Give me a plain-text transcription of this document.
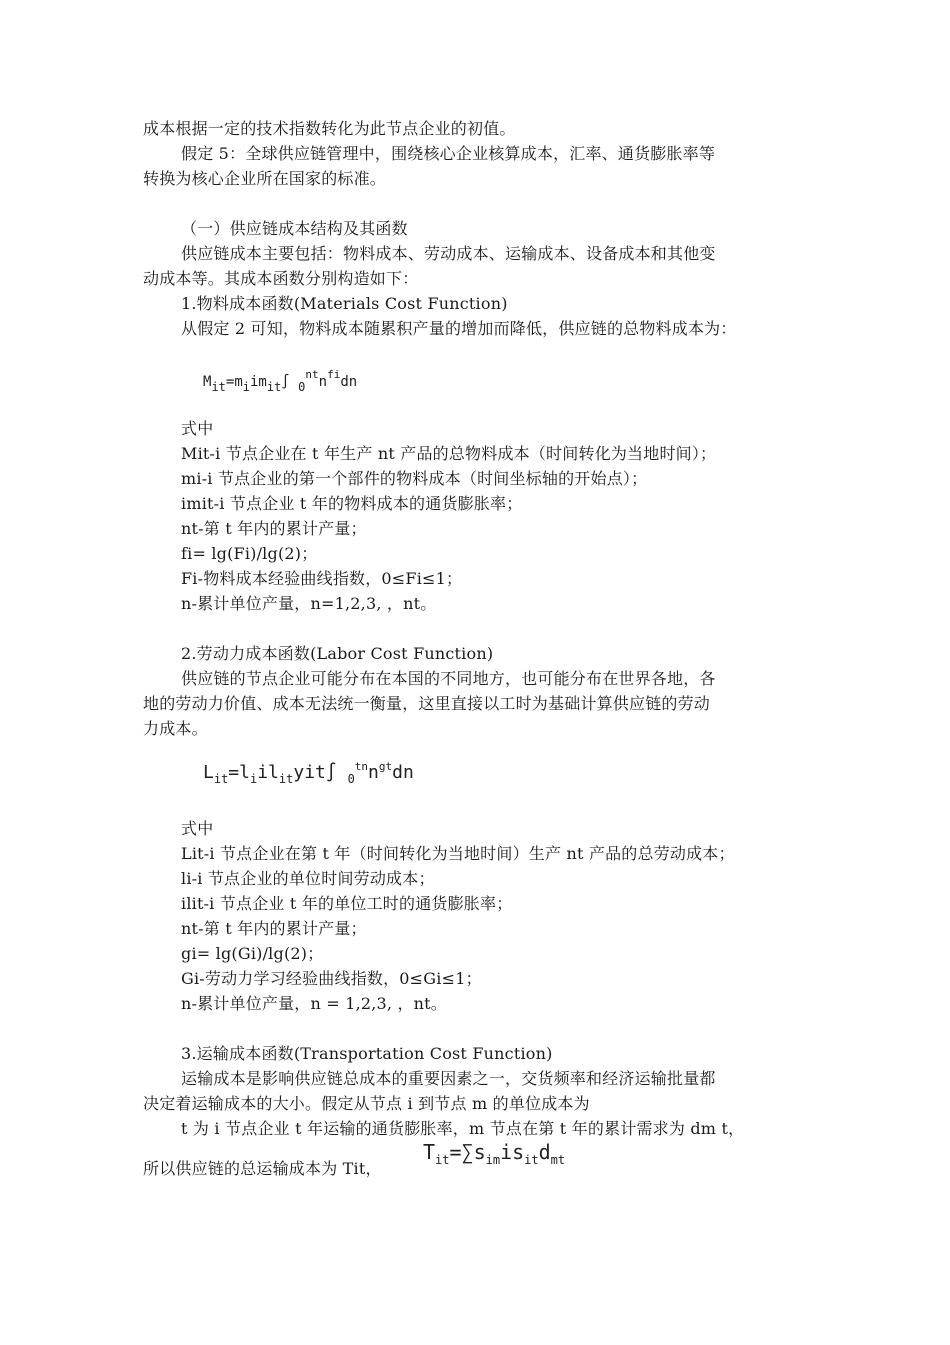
成本根据一定的技术指数转化为此节点企业的初值。
假定 5：全球供应链管理中，围绕核心企业核算成本，汇率、通货膨胀率等
转换为核心企业所在国家的标准。
（一）供应链成本结构及其函数
供应链成本主要包括：物料成本、劳动成本、运输成本、设备成本和其他变
动成本等。其成本函数分别构造如下：
1.物料成本函数(Materials Cost Function)
从假定 2 可知，物料成本随累积产量的增加而降低，供应链的总物料成本为：
$M_{it}=m_iim_{it}\int$ $_0^{nt}n^{fi}dn$
式中
Mit-i 节点企业在 t 年生产 nt 产品的总物料成本（时间转化为当地时间）；
mi-i 节点企业的第一个部件的物料成本（时间坐标轴的开始点）；
imit-i 节点企业 t 年的物料成本的通货膨胀率；
nt-第 t 年内的累计产量；
fi= lg(Fi)/lg(2)；
Fi-物料成本经验曲线指数，0≤Fi≤1；
n-累计单位产量，n=1,2,3, ，nt。
2.劳动力成本函数(Labor Cost Function)
供应链的节点企业可能分布在本国的不同地方，也可能分布在世界各地，各
地的劳动力价值、成本无法统一衡量，这里直接以工时为基础计算供应链的劳动
力成本。
$L_{it}=l_iil_{it}yit\int$ $_0^{tn}n^{gt}dn$
式中
Lit-i 节点企业在第 t 年（时间转化为当地时间）生产 nt 产品的总劳动成本；
li-i 节点企业的单位时间劳动成本；
ilit-i 节点企业 t 年的单位工时的通货膨胀率；
nt-第 t 年内的累计产量；
gi= lg(Gi)/lg(2)；
Gi-劳动力学习经验曲线指数，0≤Gi≤1；
n-累计单位产量，n = 1,2,3, ，nt。
3.运输成本函数(Transportation Cost Function)
运输成本是影响供应链总成本的重要因素之一，交货频率和经济运输批量都
决定着运输成本的大小。假定从节点 i 到节点 m 的单位成本为
t 为 i 节点企业 t 年运输的通货膨胀率，m 节点在第 t 年的累计需求为 dm t，
所以供应链的总运输成本为 Tit，
$T_{it}=\sum s_{im}is_{it}d_{mt}$
